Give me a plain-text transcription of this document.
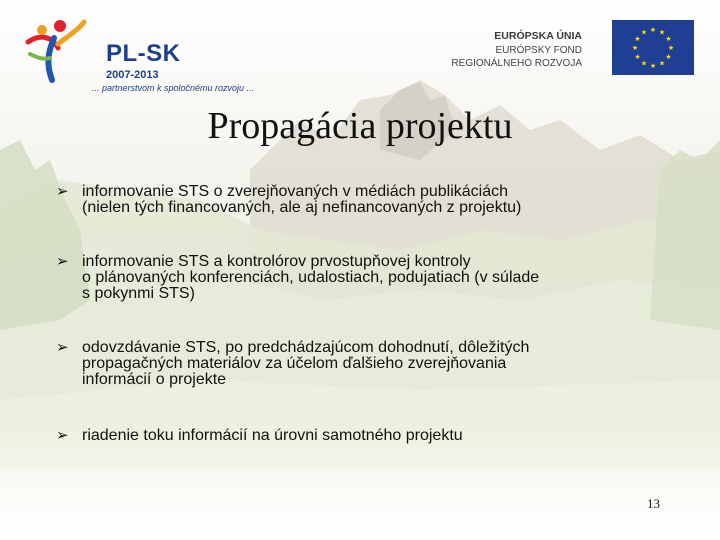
PL-SK
2007-2013
... partnerstvom k spoločnému rozvoju ...
EURÓPSKA ÚNIA
EURÓPSKY FOND
REGIONÁLNEHO ROZVOJA
★ ★
★
★
★
★
★
★
★
★
★
★
Propagácia projektu
➢ informovanie STS o zverejňovaných v médiách publikáciách
(nielen tých financovaných, ale aj nefinancovaných z projektu)
➢ informovanie STS a kontrolórov prvostupňovej kontroly
o plánovaných konferenciách, udalostiach, podujatiach (v súlade
s pokynmi STS)
➢ odovzdávanie STS, po predchádzajúcom dohodnutí, dôležitých
propagačných materiálov za účelom ďalšieho zverejňovania
informácií o projekte
➢ riadenie toku informácií na úrovni samotného projektu
13
